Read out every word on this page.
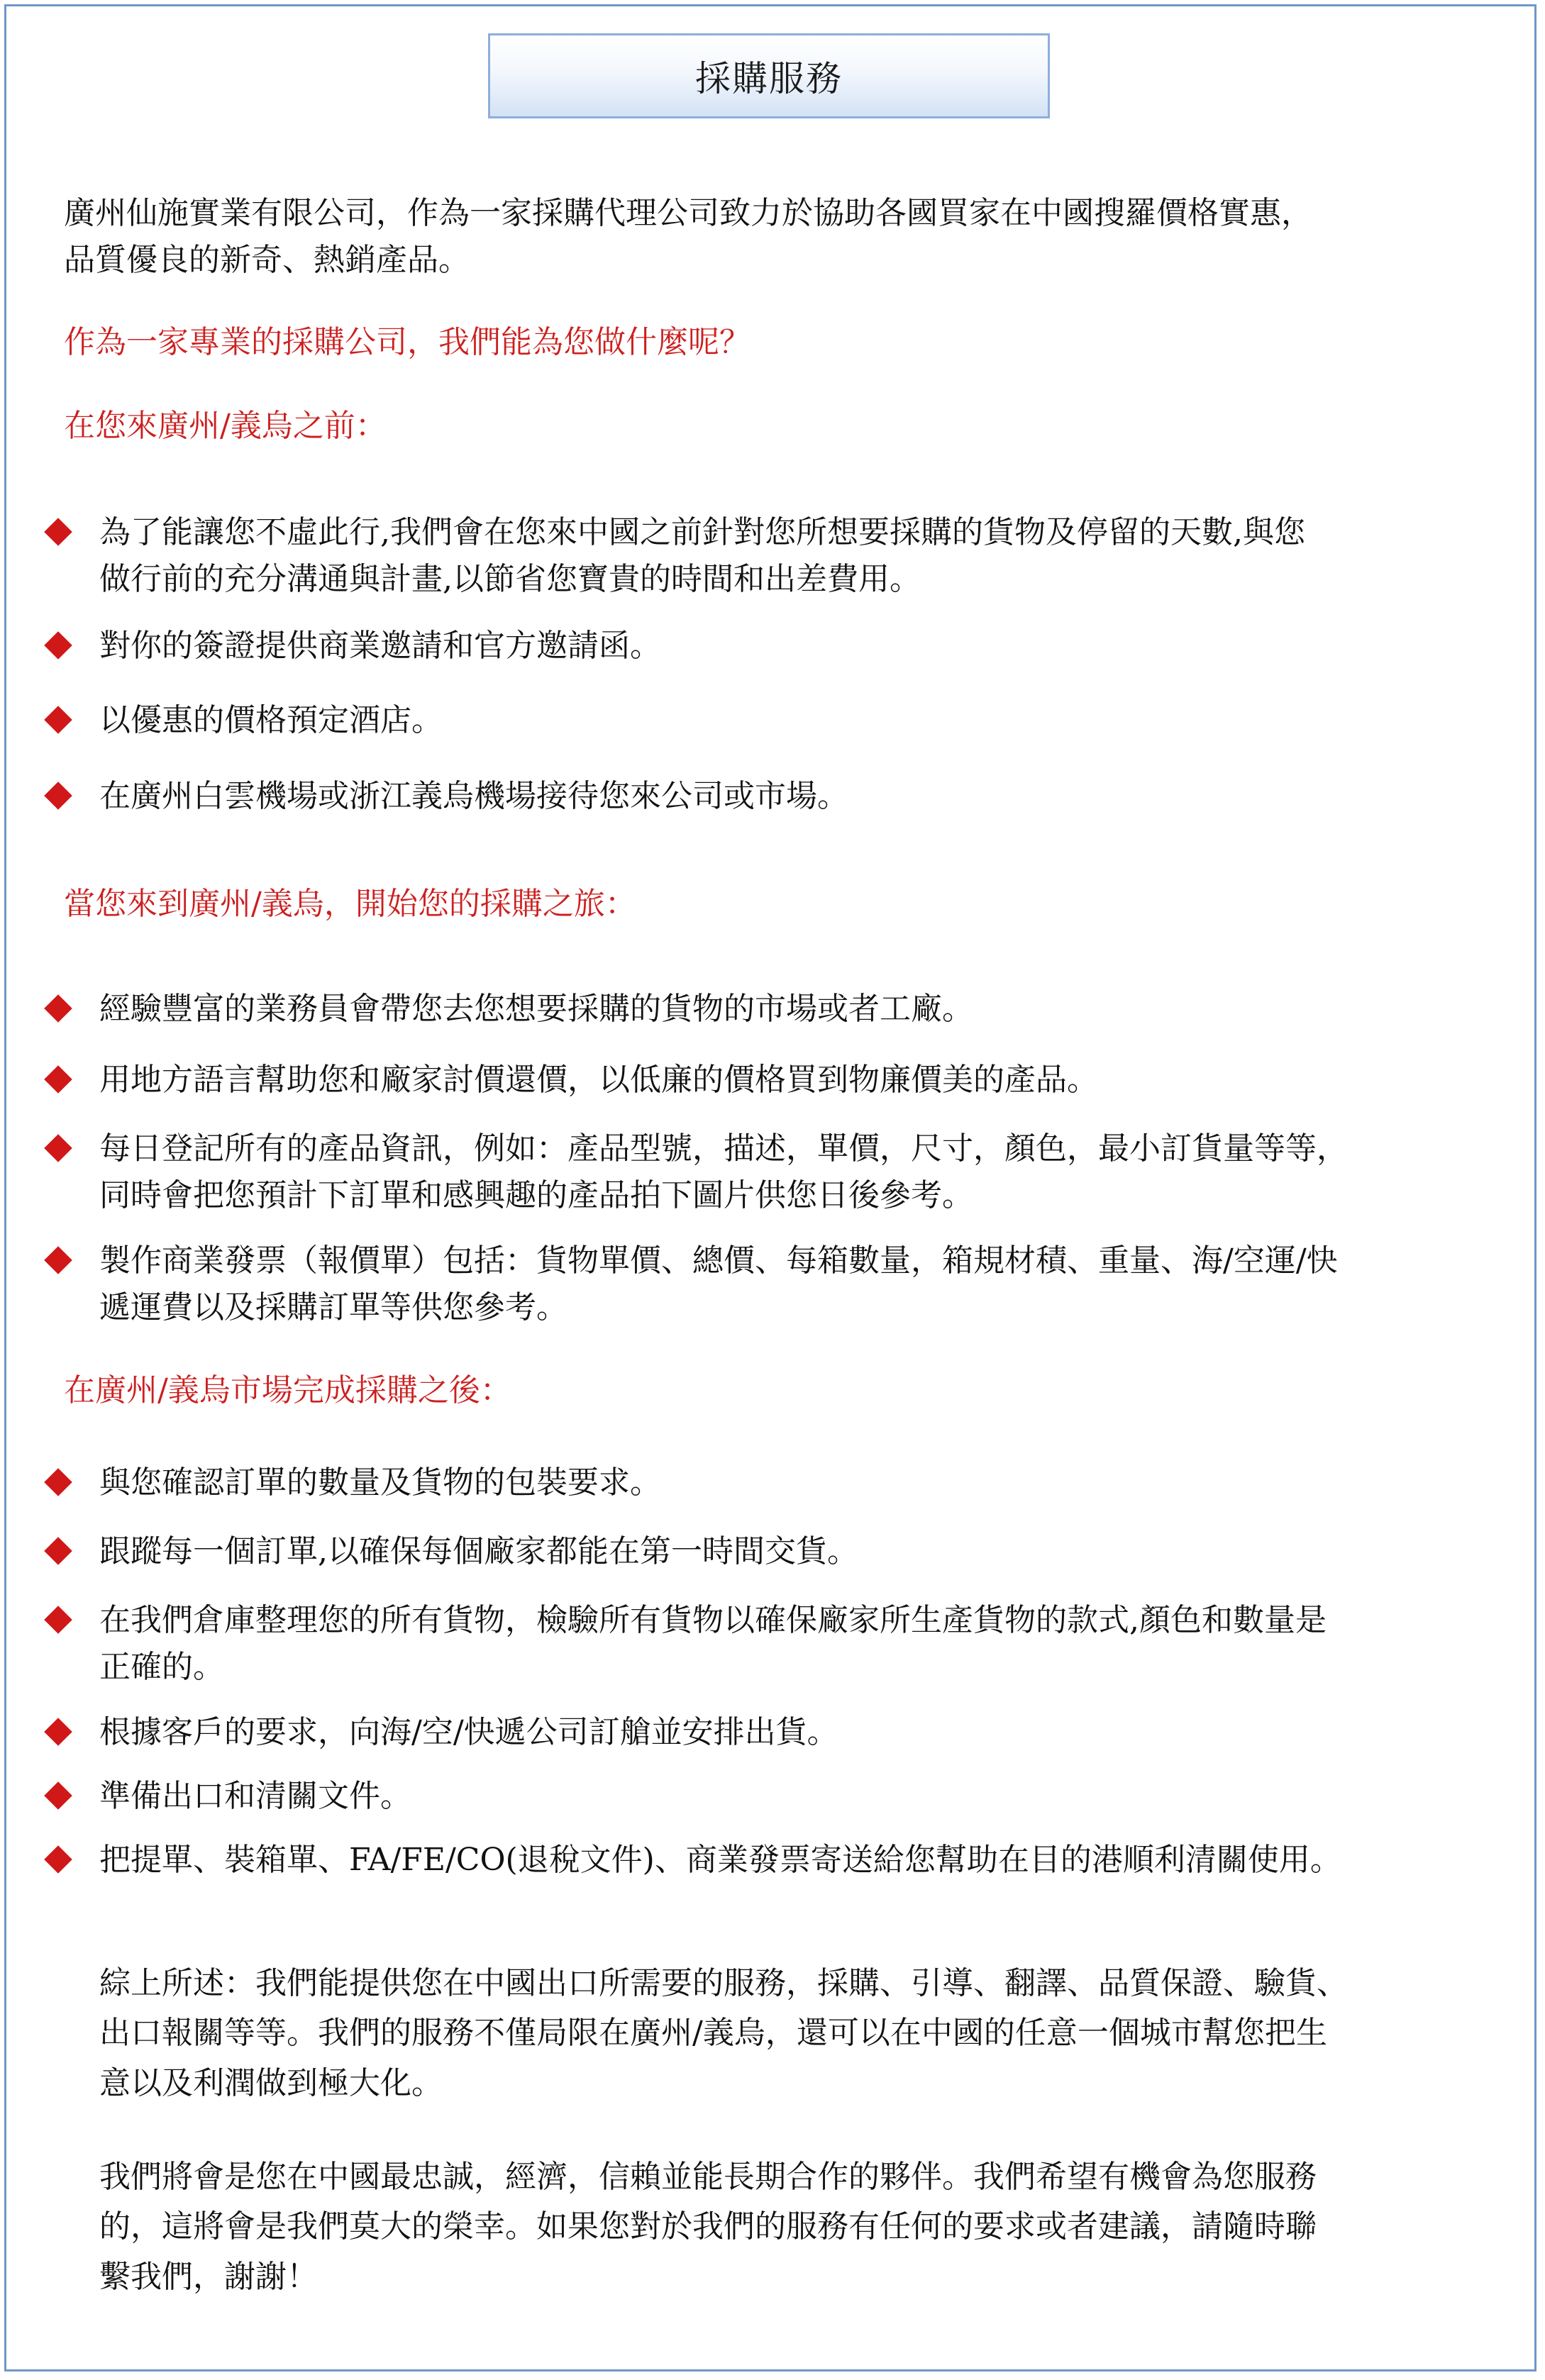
採購服務
廣州仙施實業有限公司，作為一家採購代理公司致力於協助各國買家在中國搜羅價格實惠，
品質優良的新奇、熱銷產品。
作為一家專業的採購公司，我們能為您做什麼呢？
在您來廣州/義烏之前：
為了能讓您不虛此行,我們會在您來中國之前針對您所想要採購的貨物及停留的天數,與您
做行前的充分溝通與計畫,以節省您寶貴的時間和出差費用。
對你的簽證提供商業邀請和官方邀請函。
以優惠的價格預定酒店。
在廣州白雲機場或浙江義烏機場接待您來公司或市場。
當您來到廣州/義烏，開始您的採購之旅：
經驗豐富的業務員會帶您去您想要採購的貨物的市場或者工廠。
用地方語言幫助您和廠家討價還價，以低廉的價格買到物廉價美的產品。
每日登記所有的產品資訊，例如：產品型號，描述，單價，尺寸，顏色，最小訂貨量等等，
同時會把您預計下訂單和感興趣的產品拍下圖片供您日後參考。
製作商業發票（報價單）包括：貨物單價、總價、每箱數量，箱規材積、重量、海/空運/快
遞運費以及採購訂單等供您參考。
在廣州/義烏市場完成採購之後：
與您確認訂單的數量及貨物的包裝要求。
跟蹤每一個訂單,以確保每個廠家都能在第一時間交貨。
在我們倉庫整理您的所有貨物，檢驗所有貨物以確保廠家所生產貨物的款式,顏色和數量是
正確的。
根據客戶的要求，向海/空/快遞公司訂艙並安排出貨。
準備出口和清關文件。
把提單、裝箱單、FA/FE/CO(退稅文件)、商業發票寄送給您幫助在目的港順利清關使用。
綜上所述：我們能提供您在中國出口所需要的服務，採購、引導、翻譯、品質保證、驗貨、
出口報關等等。我們的服務不僅局限在廣州/義烏，還可以在中國的任意一個城市幫您把生
意以及利潤做到極大化。
我們將會是您在中國最忠誠，經濟，信賴並能長期合作的夥伴。我們希望有機會為您服務
的，這將會是我們莫大的榮幸。如果您對於我們的服務有任何的要求或者建議，請隨時聯
繫我們，謝謝！
